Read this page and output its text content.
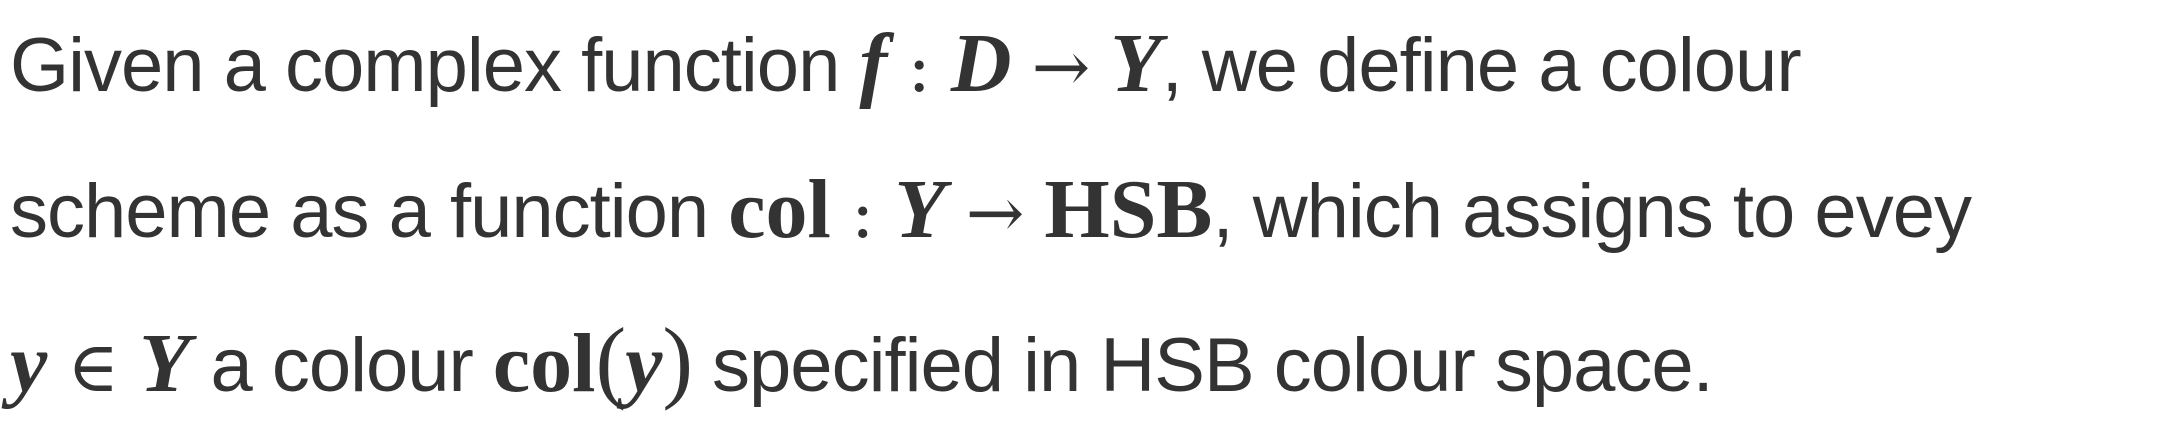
Given a complex function f : D → Y, we define a colour
scheme as a function col : Y → HSB, which assigns to evey
y ∈ Y a colour col(y) specified in HSB colour space.
